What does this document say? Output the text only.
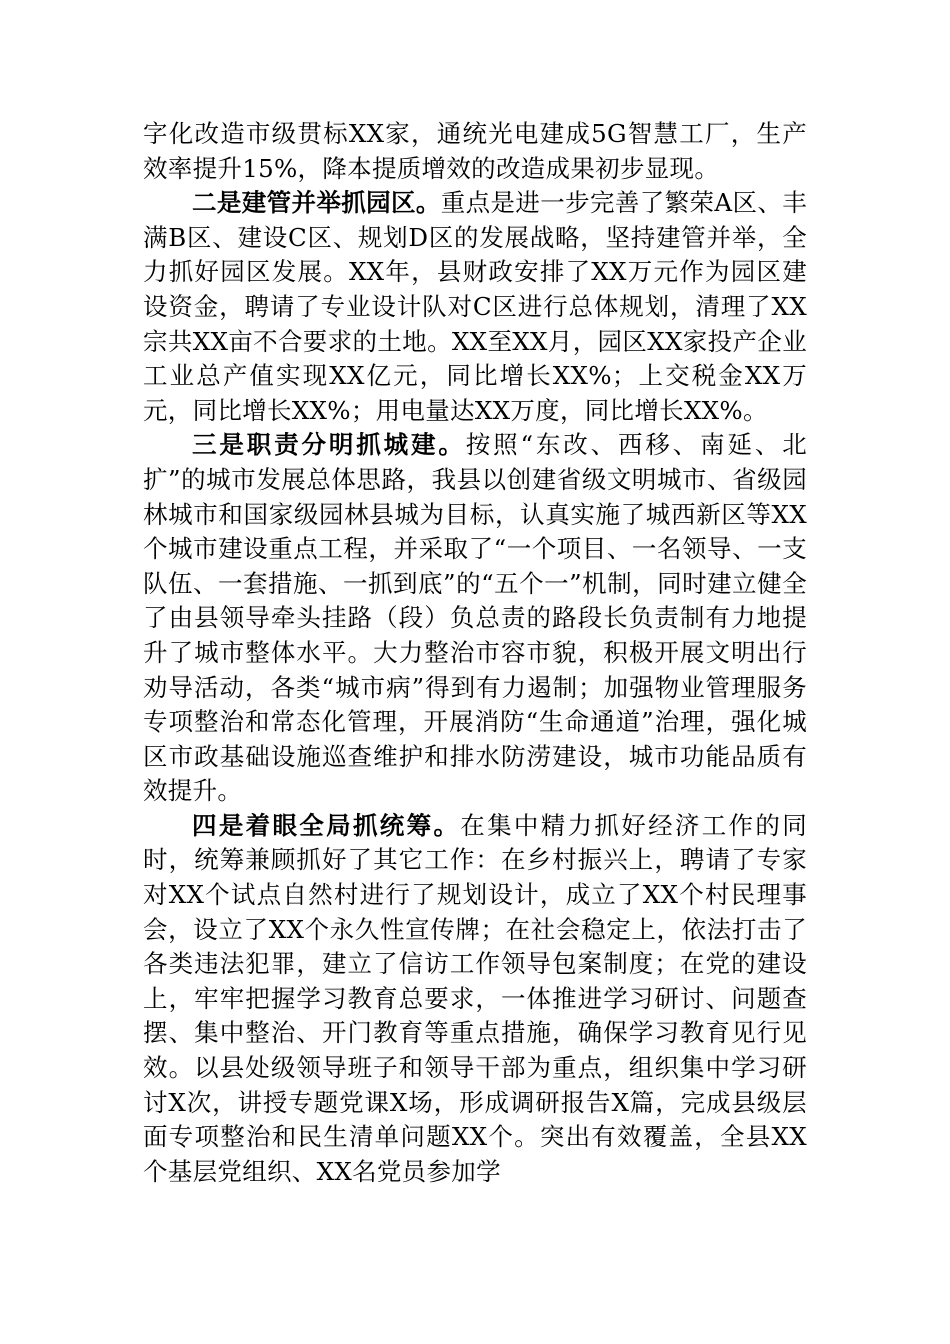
字化改造市级贯标XX家，通统光电建成5G智慧工厂，生产效率提升15%，降本提质增效的改造成果初步显现。

二是建管并举抓园区。重点是进一步完善了繁荣A区、丰满B区、建设C区、规划D区的发展战略，坚持建管并举，全力抓好园区发展。XX年，县财政安排了XX万元作为园区建设资金，聘请了专业设计队对C区进行总体规划，清理了XX宗共XX亩不合要求的土地。XX至XX月，园区XX家投产企业工业总产值实现XX亿元，同比增长XX%；上交税金XX万元，同比增长XX%；用电量达XX万度，同比增长XX%。

三是职责分明抓城建。按照“东改、西移、南延、北扩”的城市发展总体思路，我县以创建省级文明城市、省级园林城市和国家级园林县城为目标，认真实施了城西新区等XX个城市建设重点工程，并采取了“一个项目、一名领导、一支队伍、一套措施、一抓到底”的“五个一”机制，同时建立健全了由县领导牵头挂路（段）负总责的路段长负责制有力地提升了城市整体水平。大力整治市容市貌，积极开展文明出行劝导活动，各类“城市病”得到有力遏制；加强物业管理服务专项整治和常态化管理，开展消防“生命通道”治理，强化城区市政基础设施巡查维护和排水防涝建设，城市功能品质有效提升。

四是着眼全局抓统筹。在集中精力抓好经济工作的同时，统筹兼顾抓好了其它工作：在乡村振兴上，聘请了专家对XX个试点自然村进行了规划设计，成立了XX个村民理事会，设立了XX个永久性宣传牌；在社会稳定上，依法打击了各类违法犯罪，建立了信访工作领导包案制度；在党的建设上，牢牢把握学习教育总要求，一体推进学习研讨、问题查摆、集中整治、开门教育等重点措施，确保学习教育见行见效。以县处级领导班子和领导干部为重点，组织集中学习研讨X次，讲授专题党课X场，形成调研报告X篇，完成县级层面专项整治和民生清单问题XX个。突出有效覆盖，全县XX个基层党组织、XX名党员参加学
